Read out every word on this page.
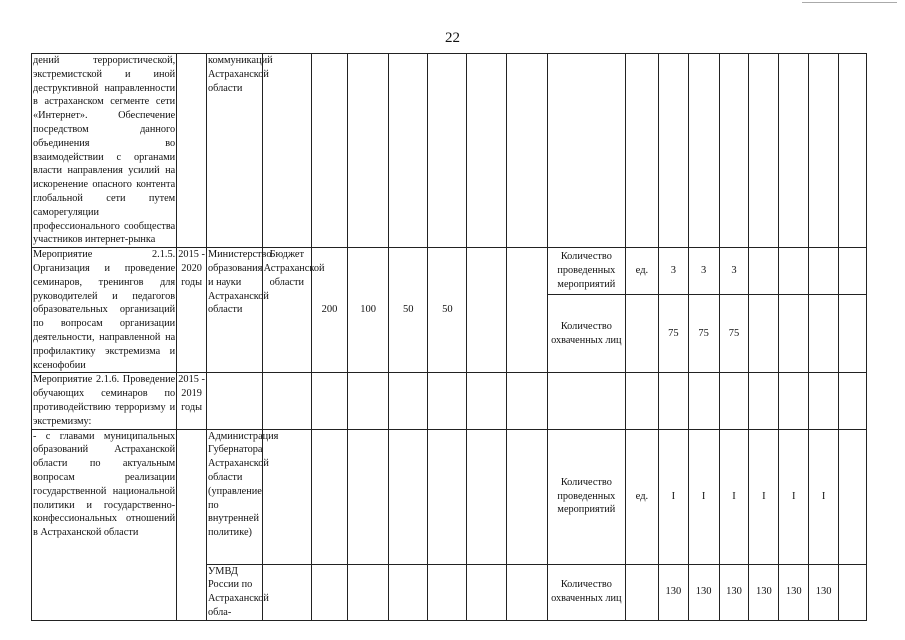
22
дений террористической, экстремистской и иной деструктивной направленности в астраханском сегменте сети «Интернет». Обеспечение посредством данного объединения во взаимодействии с органами власти направления усилий на искоренение опасного контента глобальной сети путем саморегуляции профессионального сообщества участников интернет-рынка		коммуникаций Астраханской области																
Мероприятие 2.1.5. Организация и проведение семинаров, тренингов для руководителей и педагогов образовательных организаций по вопросам организации деятельности, направленной на профилактику экстремизма и ксенофобии	2015 - 2020 годы	Министерство образования и науки Астраханской области	Бюджет Астраханской области	200	100	50	50			Количество проведенных мероприятий	ед.	3	3	3				
										Количество охваченных лиц		75	75	75				
Мероприятие 2.1.6. Проведение обучающих семинаров по противодействию терроризму и экстремизму:	2015 - 2019 годы																	
- с главами муниципальных образований Астраханской области по актуальным вопросам реализации государственной национальной политики и государственно-конфессиональных отношений в Астраханской области		Администрация Губернатора Астраханской области (управление по внутренней политике)								Количество проведенных мероприятий	ед.	I	I	I	I	I	I	
		УМВД России по Астраханской обла-								Количество охваченных лиц		130	130	130	130	130	130	
